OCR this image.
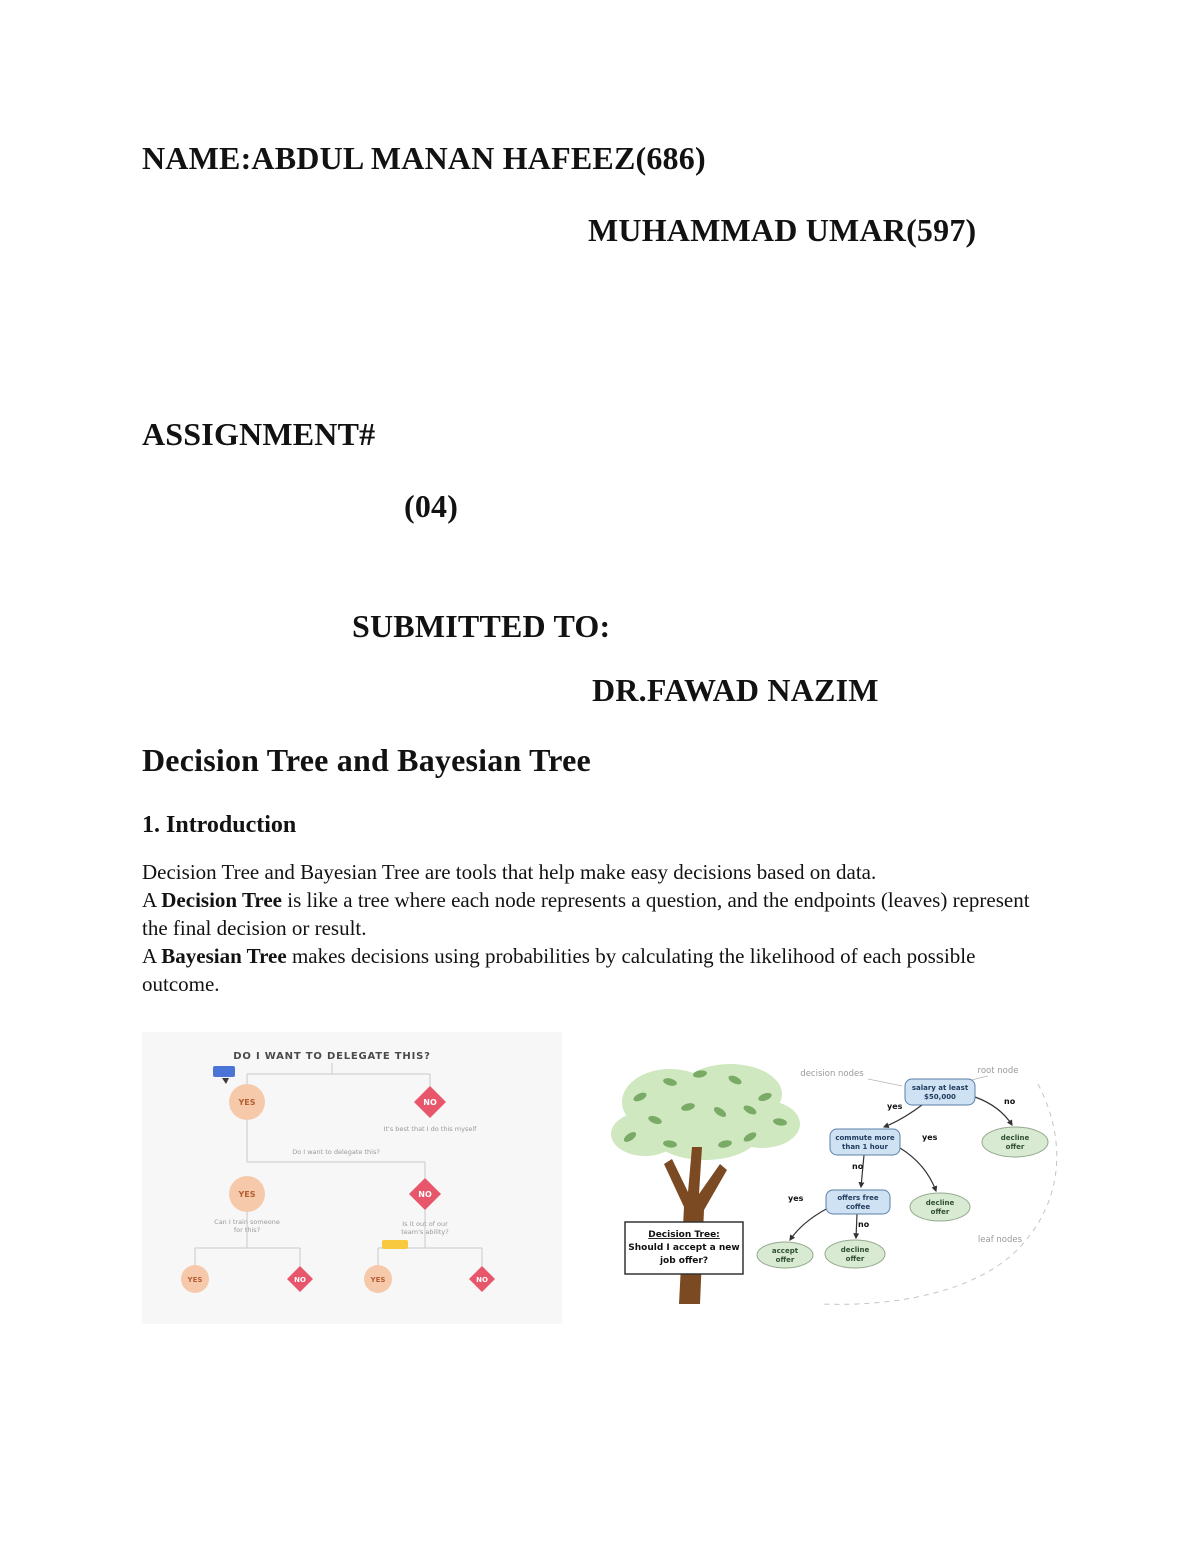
NAME:ABDUL MANAN HAFEEZ(686)
MUHAMMAD UMAR(597)
ASSIGNMENT#
(04)
SUBMITTED TO:
DR.FAWAD NAZIM
Decision Tree and Bayesian Tree
1. Introduction
Decision Tree and Bayesian Tree are tools that help make easy decisions based on data.
A Decision Tree is like a tree where each node represents a question, and the endpoints (leaves) represent the final decision or result.
A Bayesian Tree makes decisions using probabilities by calculating the likelihood of each possible outcome.
DO I WANT TO DELEGATE THIS?
YES	NO
It's best that I do this myself
Do I want to delegate this?
YES
Can I train someone
for this?
NO
Is it out of our
team's ability?
YES	NO	YES	NO
decision nodes	root node
leaf nodes
yes
no
yes
no
yes
no
salary at least
$50,000
commute more
than 1 hour
offers free
coffee
decline
offer
decline
offer
accept
offer
decline
offer
Decision Tree:
Should I accept a new
job offer?
